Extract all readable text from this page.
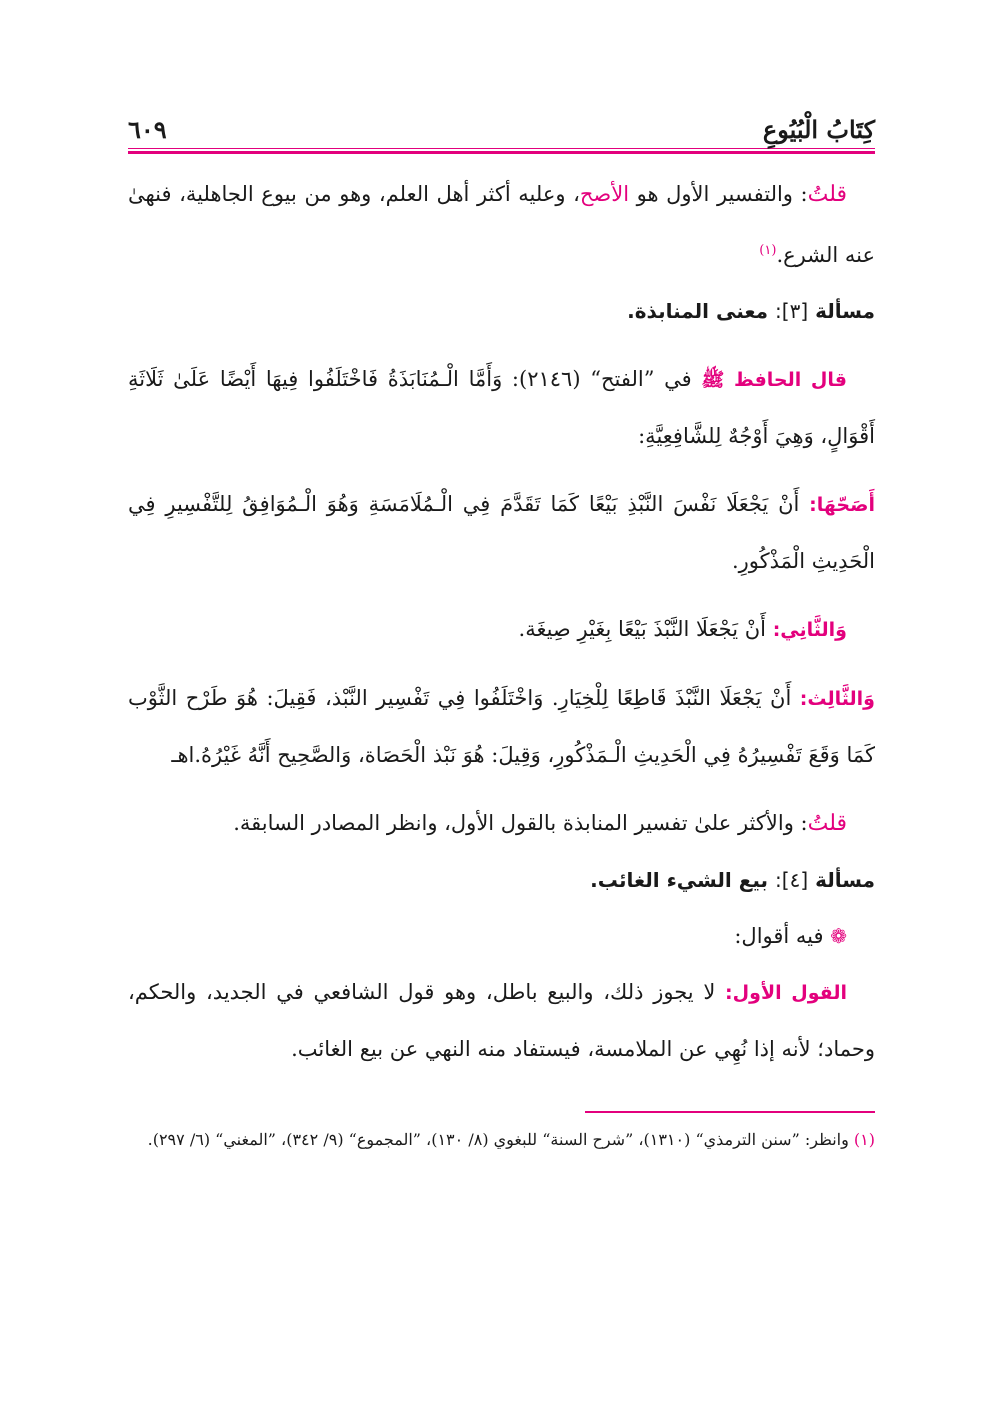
كِتَابُ الْبُيُوعِ
٦٠٩

قلتُ: والتفسير الأول هو الأصح، وعليه أكثر أهل العلم، وهو من بيوع الجاهلية، فنهىٰ عنه الشرع.$^{(١)}$

مسألة [٣]: معنى المنابذة.

قال الحافظ ﷺ في ”الفتح“ (٢١٤٦): وَأَمَّا الْـمُنَابَذَةُ فَاخْتَلَفُوا فِيهَا أَيْضًا عَلَىٰ ثَلَاثَةِ أَقْوَالٍ، وَهِيَ أَوْجُهٌ لِلشَّافِعِيَّةِ:

أَصَحّهَا: أَنْ يَجْعَلَا نَفْسَ النَّبْذِ بَيْعًا كَمَا تَقَدَّمَ فِي الْـمُلَامَسَةِ وَهُوَ الْـمُوَافِقُ لِلتَّفْسِيرِ فِي الْحَدِيثِ الْمَذْكُورِ.

وَالثَّانِي: أَنْ يَجْعَلَا النَّبْذَ بَيْعًا بِغَيْرِ صِيغَة.

وَالثَّالِث: أَنْ يَجْعَلَا النَّبْذَ قَاطِعًا لِلْخِيَارِ. وَاخْتَلَفُوا فِي تَفْسِير النَّبْذ، فَقِيلَ: هُوَ طَرْح الثَّوْب كَمَا وَقَعَ تَفْسِيرُهُ فِي الْحَدِيثِ الْـمَذْكُورِ، وَقِيلَ: هُوَ نَبْذ الْحَصَاة، وَالصَّحِيح أَنَّهُ غَيْرُهُ.اهـ

قلتُ: والأكثر علىٰ تفسير المنابذة بالقول الأول، وانظر المصادر السابقة.

مسألة [٤]: بيع الشيء الغائب.

❁ فيه أقوال:

القول الأول: لا يجوز ذلك، والبيع باطل، وهو قول الشافعي في الجديد، والحكم، وحماد؛ لأنه إذا نُهِي عن الملامسة، فيستفاد منه النهي عن بيع الغائب.

(١) وانظر: ”سنن الترمذي“ (١٣١٠)، ”شرح السنة“ للبغوي (٨/ ١٣٠)، ”المجموع“ (٩/ ٣٤٢)، ”المغني“ (٦/ ٢٩٧).
